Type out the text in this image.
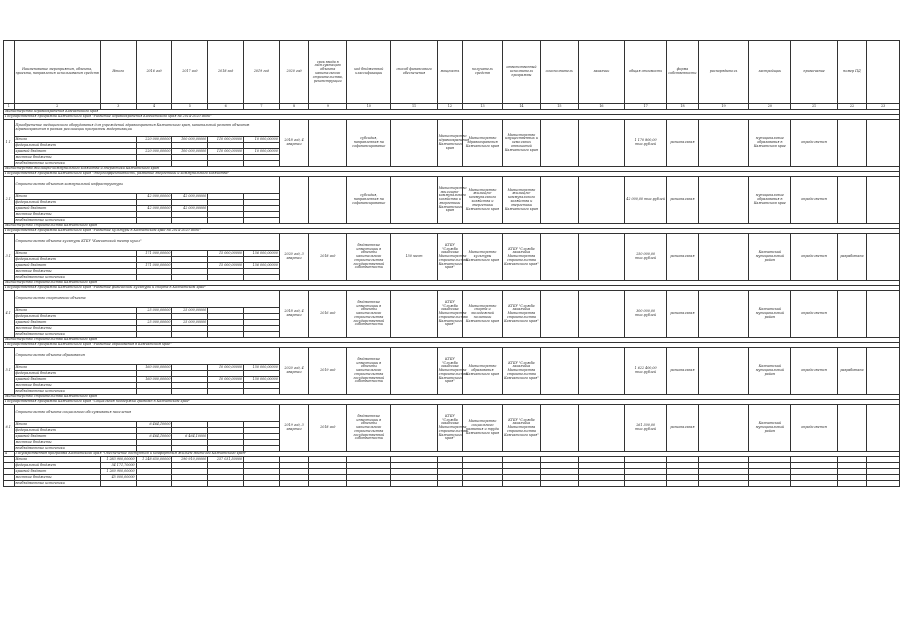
	Наименование мероприятия, объекта, проекта, направления использования средств	Итого	2016 год	2017 год	2018 год	2019 год	2020 год	срок ввода в эксплуатацию объекта капитального строительства, реконструкции	код бюджетной классификации	способ финансового обеспечения	мощность	получатель средств	ответственный исполнитель программы	соисполнитель	заказчик	общая стоимость	форма собственности	распорядитель	застройщик	примечание	номер ПД	
1	2	3	4	5	6	7	8	9	10	11	12	13	14	15	16	17	18	19	20	21	22	23
Министерство здравоохранения Камчатского края																						
Государственная программа Камчатского края "Развитие здравоохранения Камчатского края на 2014-2020 годы"																						
1.1.	Приобретение медицинского оборудования для учреждений здравоохранения Камчатского края, капитальный ремонт объектов здравоохранения в рамках реализации программы модернизации						2018 год, 4 квартал		субсидия, направленная на софинансирование		Министерство здравоохранения Камчатского края	Министерство здравоохранения Камчатского края	Министерство имущественных и земельных отношений Камчатского края			1 170 800,00 тыс.рублей	региональная		муниципальные образования в Камчатском крае	определяется		
	Итого		220 000,00000	100 000,00000	110 000,00000	10 000,00000																
	федеральный бюджет																					
	краевой бюджет		220 000,00000	100 000,00000	110 000,00000	10 000,00000																
	местные бюджеты																					
	внебюджетные источники																					
Министерство жилищно-коммунального хозяйства и энергетики Камчатского края																						
Государственная программа Камчатского края "Энергоэффективность, развитие энергетики и коммунального хозяйства"																						
2.1.	Строительство объектов коммунальной инфраструктуры								субсидия, направленная на софинансирование		Министерство жилищно-коммунального хозяйства и энергетики Камчатского края	Министерство жилищно-коммунального хозяйства и энергетики Камчатского края	Министерство жилищно-коммунального хозяйства и энергетики Камчатского края			42 000,00 тыс.рублей	региональная		муниципальные образования в Камчатском крае	определяется		
	Итого		42 000,00000	42 000,00000																		
	федеральный бюджет																					
	краевой бюджет		42 000,00000	42 000,00000																		
	местные бюджеты																					
	внебюджетные источники																					
Министерство строительства Камчатского края																						
Государственная программа Камчатского края "Развитие культуры в Камчатском крае на 2014-2020 годы"																						
3.1.	Строительство объекта культуры КГБУ "Камчатский театр кукол"						2020 год, 3 квартал	2018 год	бюджетные инвестиции в объекты капитального строительства государственной собственности	150 мест	КГБУ "Служба заказчика Министерства строительства Камчатского края"	Министерство культуры Камчатского края	КГБУ "Служба заказчика Министерства строительства Камчатского края"			250 000,00 тыс.рублей	региональная		Камчатский муниципальный район	определяется	разработана	
	Итого		171 000,00000		15 000,00000	156 000,00000																
	федеральный бюджет																					
	краевой бюджет		171 000,00000		15 000,00000	156 000,00000																
	местные бюджеты																					
	внебюджетные источники																					
Министерство строительства Камчатского края																						
Государственная программа Камчатского края "Развитие физической культуры и спорта в Камчатском крае"																						
4.1.	Строительство спортивного объекта						2018 год, 4 квартал	2016 год	бюджетные инвестиции в объекты капитального строительства государственной собственности		КГБУ "Служба заказчика Министерства строительства Камчатского края"	Министерство спорта и молодежной политики Камчатского края	КГБУ "Служба заказчика Министерства строительства Камчатского края"			300 000,00 тыс.рублей	региональная		Камчатский муниципальный район	определяется		
	Итого		25 000,00000	25 000,00000																		
	федеральный бюджет																					
	краевой бюджет		25 000,00000	25 000,00000																		
	местные бюджеты																					
	внебюджетные источники																					
Министерство строительства Камчатского края																						
Государственная программа Камчатского края "Развитие образования в Камчатском крае"																						
5.1.	Строительство объекта образования						2020 год, 4 квартал	2019 год	бюджетные инвестиции в объекты капитального строительства государственной собственности		КГБУ "Служба заказчика Министерства строительства Камчатского края"	Министерство образования Камчатского края	КГБУ "Служба заказчика Министерства строительства Камчатского края"			1 622 400,00 тыс.рублей	региональная		Камчатский муниципальный район	определяется	разработана	
	Итого		160 000,00000		10 000,00000	150 000,00000																
	федеральный бюджет																					
	краевой бюджет		160 000,00000		10 000,00000	150 000,00000																
	местные бюджеты																					
	внебюджетные источники																					
Министерство строительства Камчатского края																						
Государственная программа Камчатского края "Социальная поддержка граждан в Камчатском крае"																						
6.1.	Строительство объекта социального обслуживания населения						2019 год, 3 квартал	2018 год	бюджетные инвестиции в объекты капитального строительства государственной собственности		КГБУ "Служба заказчика Министерства строительства Камчатского края"	Министерство социального развития и труда Камчатского края	КГБУ "Служба заказчика Министерства строительства Камчатского края"			261 300,00 тыс.рублей	региональная		Камчатский муниципальный район	определяется		
	Итого		6 464,10000																			
	федеральный бюджет																					
	краевой бюджет		6 464,10000	6 464,10000																		
	местные бюджеты																					
	внебюджетные источники																					
4	Государственная программа Камчатского края "Обеспечение доступным и комфортным жильем жителей Камчатского края"																					
	Итого	1 283 900,00000	1 248 650,00000	290 910,00000	257 031,50000																	
	федеральный бюджет	54 171,70000																				
	краевой бюджет	1 260 900,00000																				
	местные бюджеты	45 000,00000																				
	внебюджетные источники																					
